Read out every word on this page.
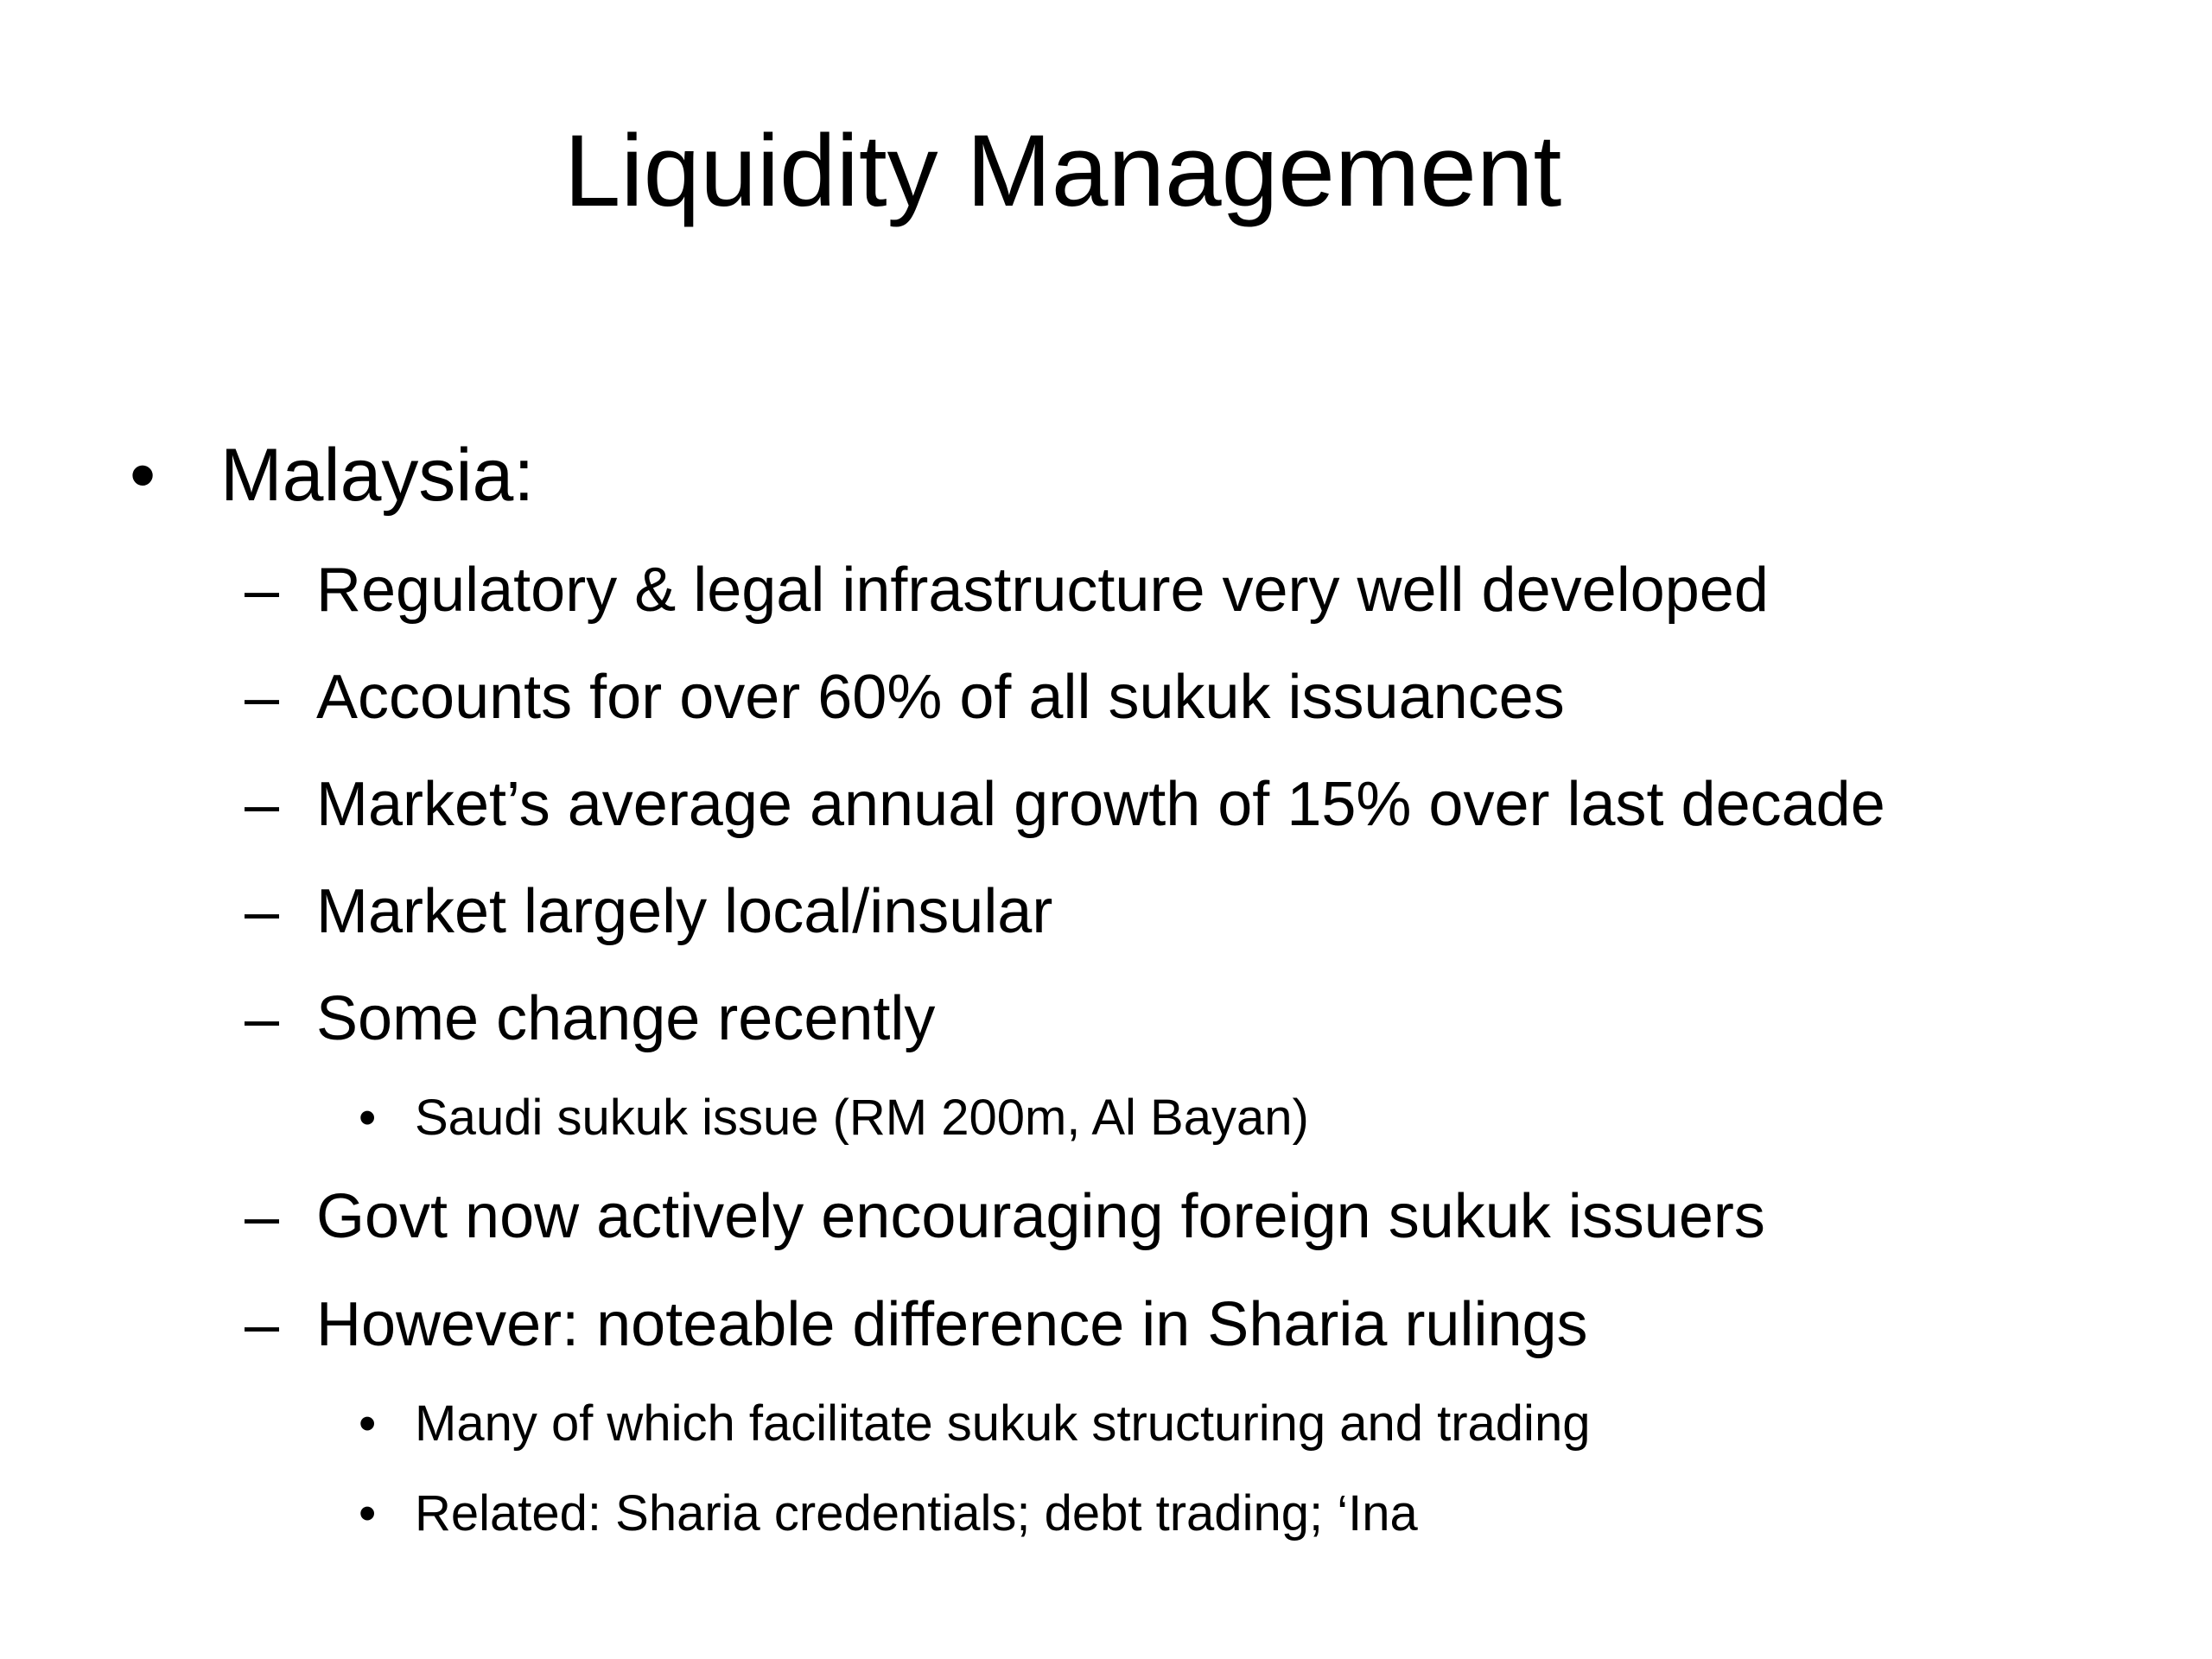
Liquidity Management
• Malaysia:
– Regulatory & legal infrastructure very well developed
– Accounts for over 60% of all sukuk issuances
– Market’s average annual growth of 15% over last decade
– Market largely local/insular
– Some change recently
• Saudi sukuk issue (RM 200m, Al Bayan)
– Govt now actively encouraging foreign sukuk issuers
– However: noteable difference in Sharia rulings
• Many of which facilitate sukuk structuring and trading
• Related: Sharia credentials; debt trading; ‘Ina
